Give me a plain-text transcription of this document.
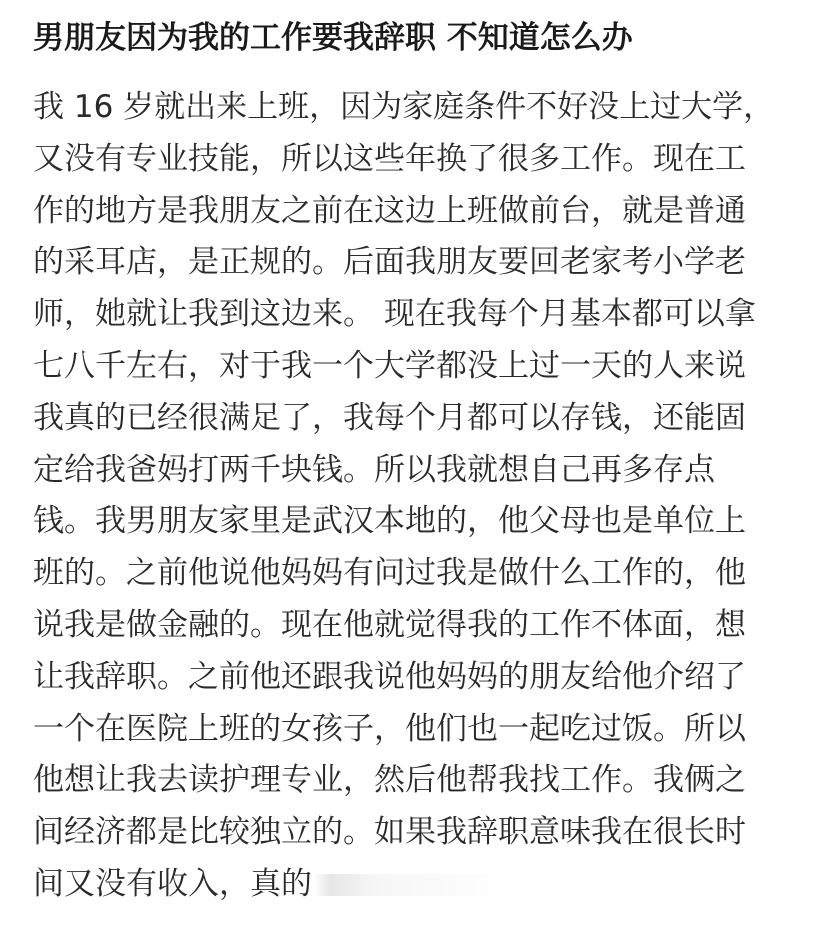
男朋友因为我的工作要我辞职 不知道怎么办
我 16 岁就出来上班，因为家庭条件不好没上过大学，
又没有专业技能，所以这些年换了很多工作。现在工
作的地方是我朋友之前在这边上班做前台，就是普通
的采耳店，是正规的。后面我朋友要回老家考小学老
师，她就让我到这边来。 现在我每个月基本都可以拿
七八千左右，对于我一个大学都没上过一天的人来说
我真的已经很满足了，我每个月都可以存钱，还能固
定给我爸妈打两千块钱。所以我就想自己再多存点
钱。我男朋友家里是武汉本地的，他父母也是单位上
班的。之前他说他妈妈有问过我是做什么工作的，他
说我是做金融的。现在他就觉得我的工作不体面，想
让我辞职。之前他还跟我说他妈妈的朋友给他介绍了
一个在医院上班的女孩子，他们也一起吃过饭。所以
他想让我去读护理专业，然后他帮我找工作。我俩之
间经济都是比较独立的。如果我辞职意味我在很长时
间又没有收入，真的
